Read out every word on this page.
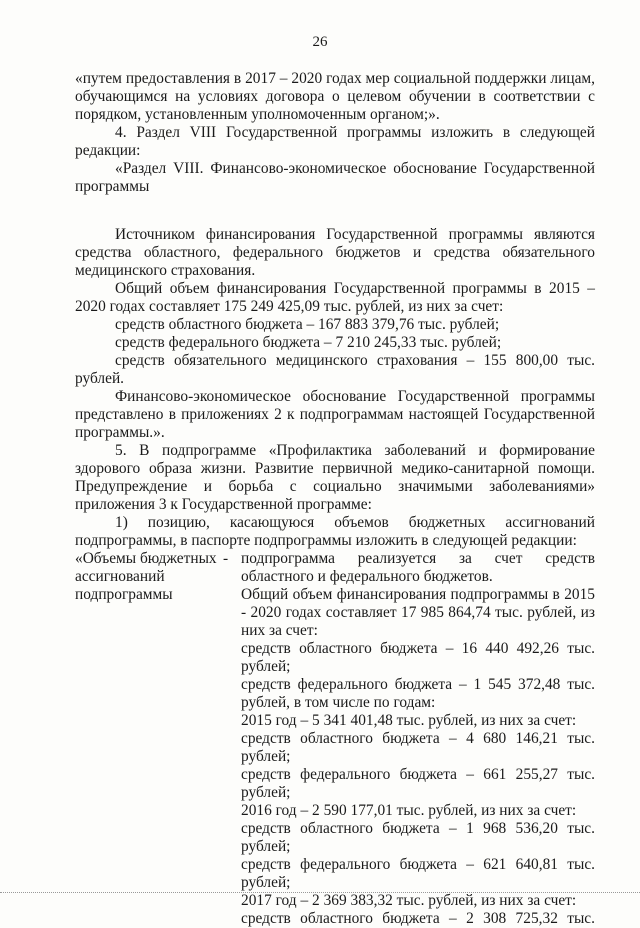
26

«путем предоставления в 2017 – 2020 годах мер социальной поддержки лицам, обучающимся на условиях договора о целевом обучении в соответствии с порядком, установленным уполномоченным органом;».

4. Раздел VIII Государственной программы изложить в следующей редакции:

«Раздел VIII. Финансово-экономическое обоснование Государственной программы

Источником финансирования Государственной программы являются средства областного, федерального бюджетов и средства обязательного медицинского страхования.

Общий объем финансирования Государственной программы в 2015 – 2020 годах составляет 175 249 425,09 тыс. рублей, из них за счет:

средств областного бюджета – 167 883 379,76 тыс. рублей;

средств федерального бюджета – 7 210 245,33 тыс. рублей;

средств обязательного медицинского страхования – 155 800,00 тыс. рублей.

Финансово-экономическое обоснование Государственной программы представлено в приложениях 2 к подпрограммам настоящей Государственной программы.».

5. В подпрограмме «Профилактика заболеваний и формирование здорового образа жизни. Развитие первичной медико-санитарной помощи. Предупреждение и борьба с социально значимыми заболеваниями» приложения 3 к Государственной программе:

1) позицию, касающуюся объемов бюджетных ассигнований подпрограммы, в паспорте подпрограммы изложить в следующей редакции:

«Объемы бюджетных ассигнований подпрограммы
- подпрограмма реализуется за счет средств областного и федерального бюджетов.

Общий объем финансирования подпрограммы в 2015 - 2020 годах составляет 17 985 864,74 тыс. рублей, из них за счет:

средств областного бюджета – 16 440 492,26 тыс. рублей;

средств федерального бюджета – 1 545 372,48 тыс. рублей, в том числе по годам:

2015 год – 5 341 401,48 тыс. рублей, из них за счет:

средств областного бюджета – 4 680 146,21 тыс. рублей;

средств федерального бюджета – 661 255,27 тыс. рублей;

2016 год – 2 590 177,01 тыс. рублей, из них за счет:

средств областного бюджета – 1 968 536,20 тыс. рублей;

средств федерального бюджета – 621 640,81 тыс. рублей;

2017 год – 2 369 383,32 тыс. рублей, из них за счет:

средств областного бюджета – 2 308 725,32 тыс.
